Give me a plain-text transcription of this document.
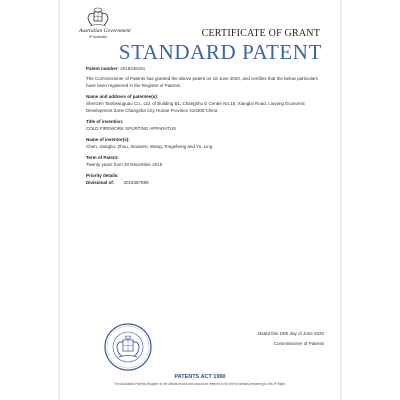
Australian Government
IP Australia	CERTIFICATE OF GRANT
STANDARD PATENT
Patent number: 2018236161
The Commissioner of Patents has granted the above patent on 18 June 2020, and certifies that the below particulars have been registered in the Register of Patents.
Name and address of patentee(s):
Shenzen Taotiewuguao Co., Ltd. of Building B1, Changshu E Center No.15, Xianglai Road, Liuyang Economic Development Zone Changsha City Hunan Province 410300 China
Title of invention:
COLD FIREWORK SPURTING APPARATUS
Name of inventor(s):
Chen, Jiangbo; Zhou, Xiaowen; Wang, Tongsheng and Yu, Ling
Term of Patent:
Twenty years from 30 December 2015
Priority details:
Divisional of: 2015387599
Dated this 18th day of June 2020
Commissioner of Patents
PATENTS ACT 1990
The Australian Patents Register is the official record and should be referred to for the full details pertaining to this IP Right.
